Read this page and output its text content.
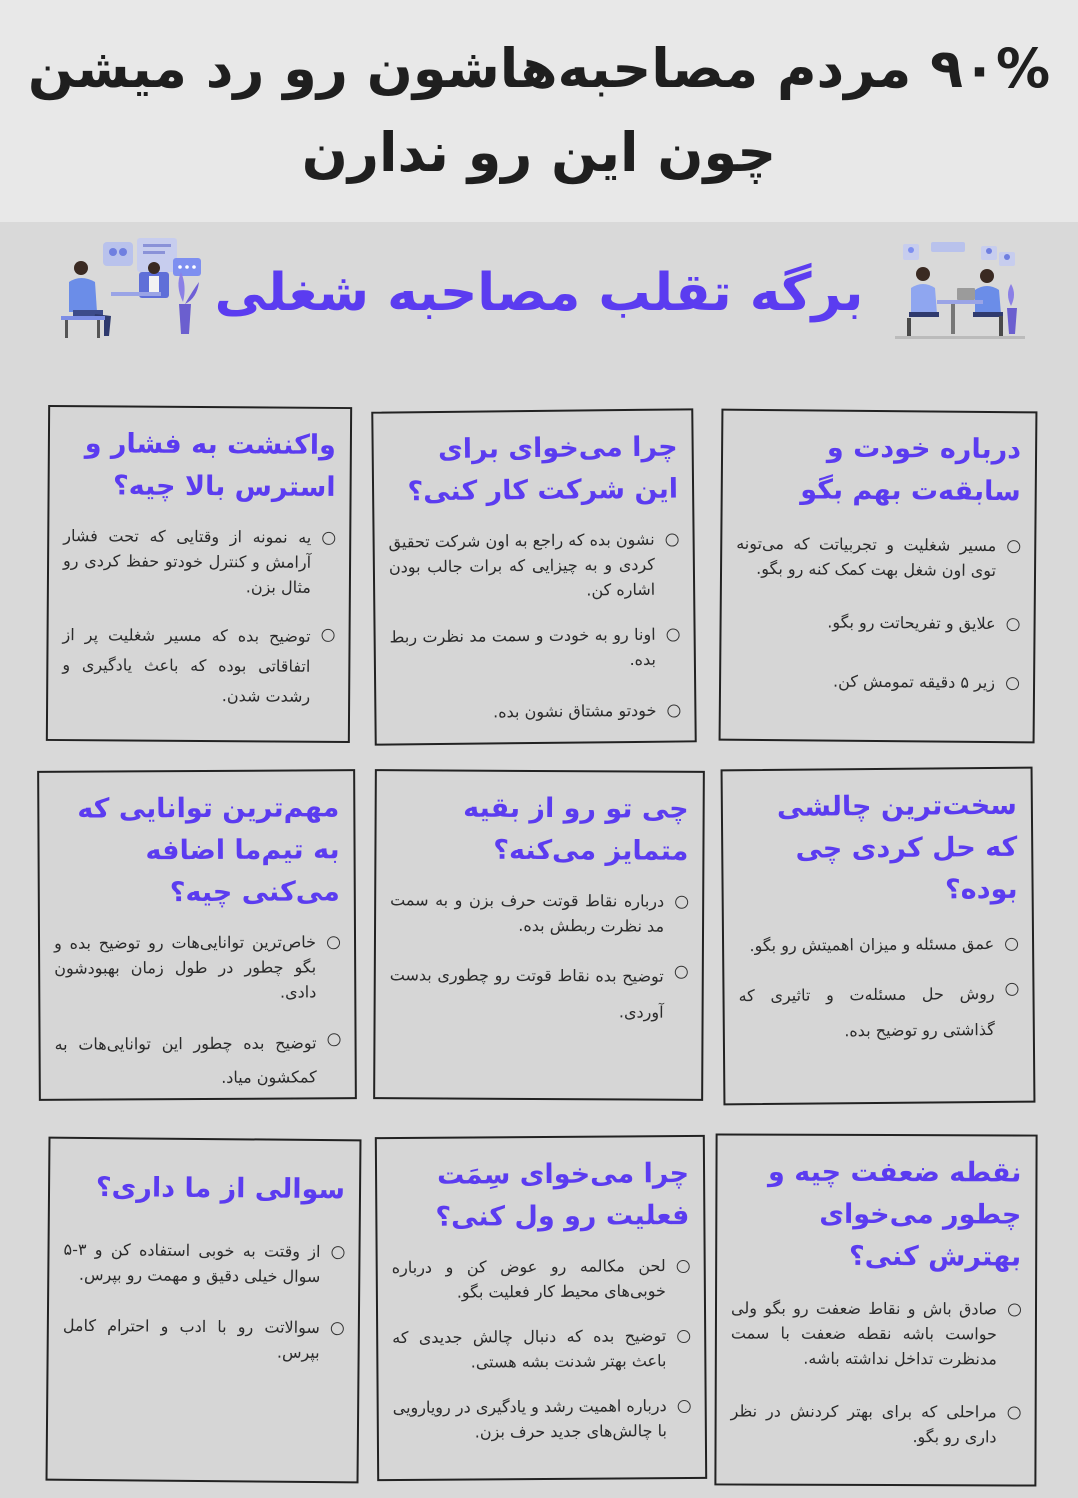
۹۰% مردم مصاحبه‌هاشون رو رد میشن
چون این رو ندارن
برگه تقلب مصاحبه شغلی
درباره خودت و سابقه‌ت بهم بگو
مسیر شغلیت و تجربیاتت که می‌تونه توی اون شغل بهت کمک کنه رو بگو.
علایق و تفریحاتت رو بگو.
زیر ۵ دقیقه تمومش کن.
چرا می‌خوای برای این شرکت کار کنی؟
نشون بده که راجع به اون شرکت تحقیق کردی و به چیزایی که برات جالب بودن اشاره کن.
اونا رو به خودت و سمت مد نظرت ربط بده.
خودتو مشتاق نشون بده.
واکنشت به فشار و استرس بالا چیه؟
یه نمونه از وقتایی که تحت فشار آرامش و کنترل خودتو حفظ کردی رو مثال بزن.
توضیح بده که مسیر شغلیت پر از اتفاقاتی بوده که باعث یادگیری و رشدت شدن.
سخت‌ترین چالشی که حل کردی چی بوده؟
عمق مسئله و میزان اهمیتش رو بگو.
روش حل مسئله‌ت و تاثیری که گذاشتی رو توضیح بده.
چی تو رو از بقیه متمایز می‌کنه؟
درباره نقاط قوتت حرف بزن و به سمت مد نظرت ربطش بده.
توضیح بده نقاط قوتت رو چطوری بدست آوردی.
مهم‌ترین توانایی که به تیم‌ما اضافه می‌کنی چیه؟
خاص‌ترین توانایی‌هات رو توضیح بده و بگو چطور در طول زمان بهبودشون دادی.
توضیح بده چطور این توانایی‌هات به کمکشون میاد.
نقطه ضعفت چیه و چطور می‌خوای بهترش کنی؟
صادق باش و نقاط ضعفت رو بگو ولی حواست باشه نقطه ضعفت با سمت مدنظرت تداخل نداشته باشه.
مراحلی که برای بهتر کردنش در نظر داری رو بگو.
چرا می‌خوای سِمَت فعلیت رو ول کنی؟
لحن مکالمه رو عوض کن و درباره خوبی‌های محیط کار فعلیت بگو.
توضیح بده که دنبال چالش جدیدی که باعث بهتر شدنت بشه هستی.
درباره اهمیت رشد و یادگیری در رویارویی با چالش‌های جدید حرف بزن.
سوالی از ما داری؟
از وقتت به خوبی استفاده کن و ۳-۵ سوال خیلی دقیق و مهمت رو بپرس.
سوالاتت رو با ادب و احترام کامل بپرس.
